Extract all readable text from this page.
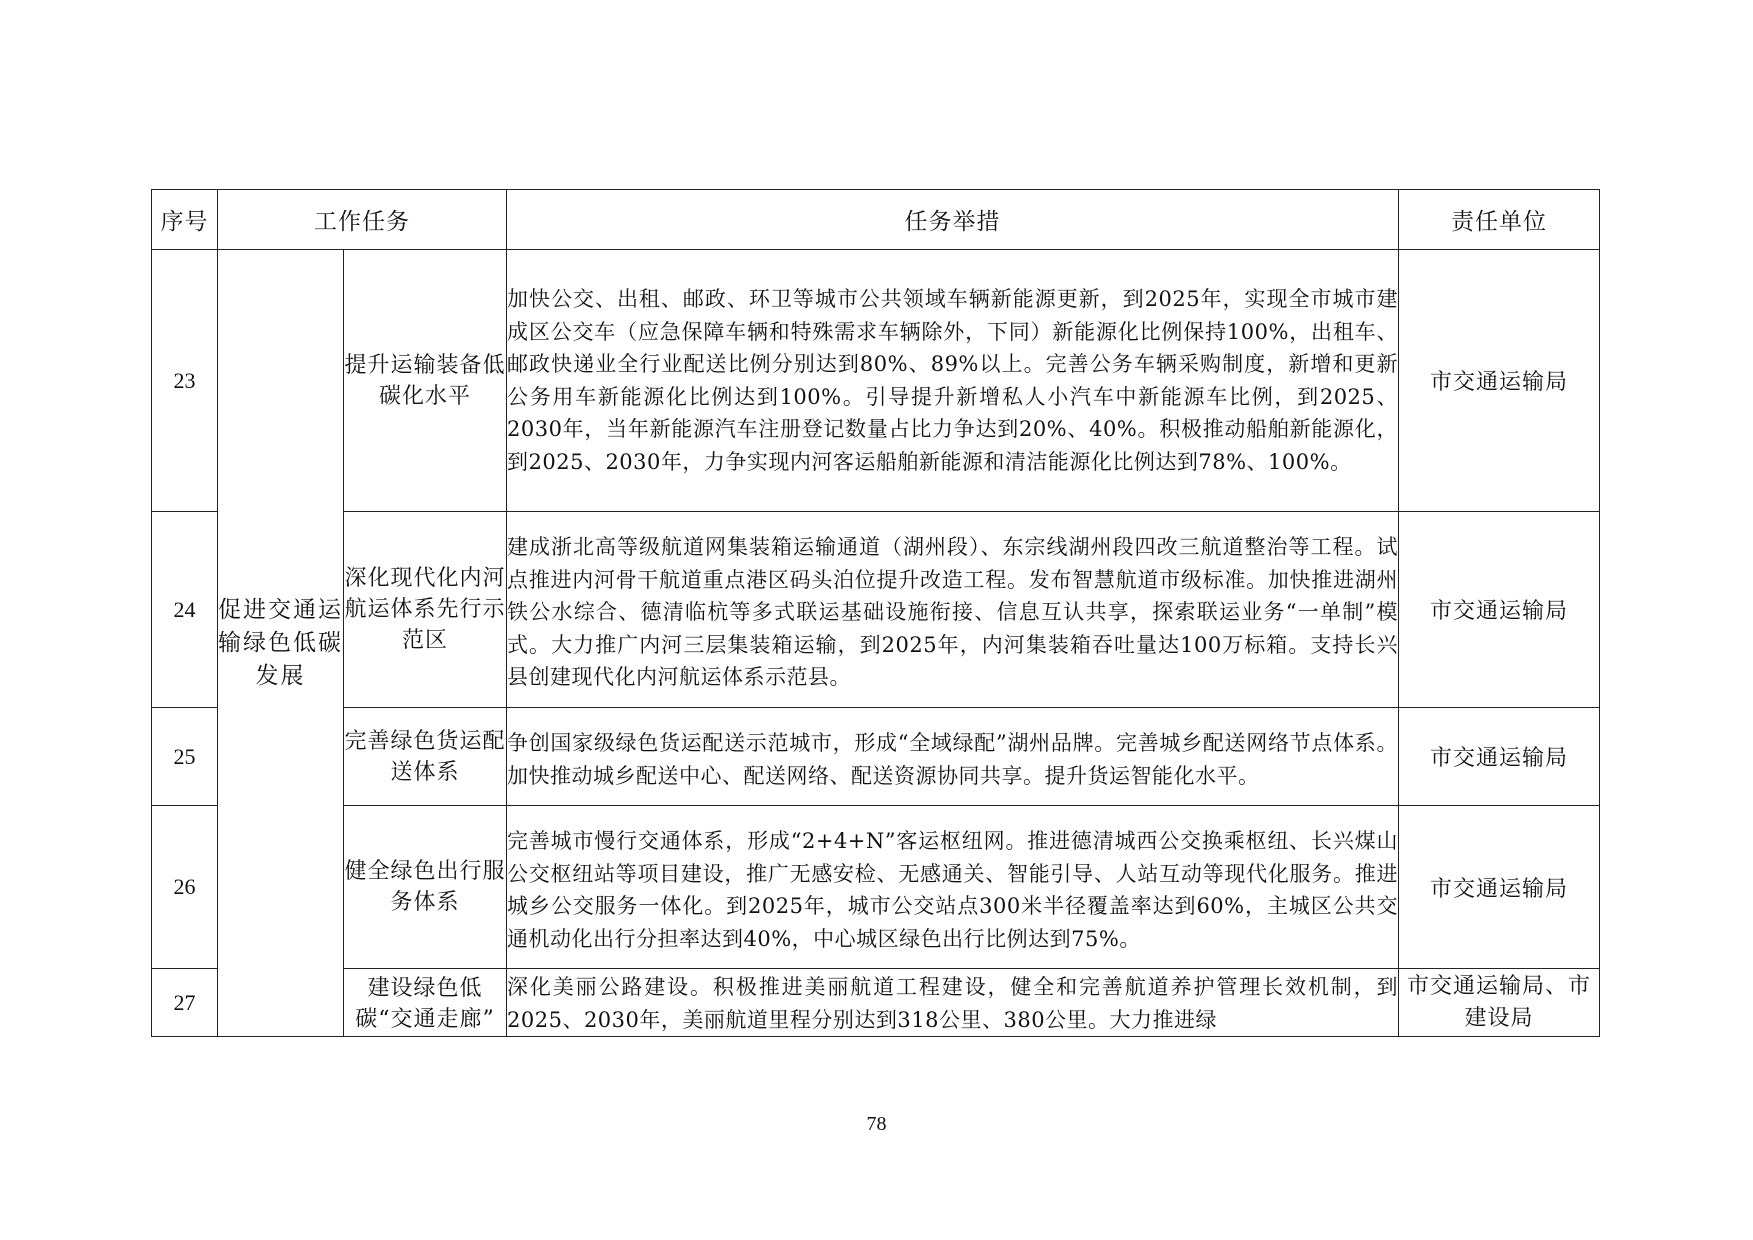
序号	工作任务		任务举措	责任单位
23	促进交通运输绿色低碳发展	提升运输装备低碳化水平	加快公交、出租、邮政、环卫等城市公共领域车辆新能源更新，到2025年，实现全市城市建成区公交车（应急保障车辆和特殊需求车辆除外，下同）新能源化比例保持100%，出租车、邮政快递业全行业配送比例分别达到80%、89%以上。完善公务车辆采购制度，新增和更新公务用车新能源化比例达到100%。引导提升新增私人小汽车中新能源车比例，到2025、2030年，当年新能源汽车注册登记数量占比力争达到20%、40%。积极推动船舶新能源化，到2025、2030年，力争实现内河客运船舶新能源和清洁能源化比例达到78%、100%。	市交通运输局
24		深化现代化内河航运体系先行示范区	建成浙北高等级航道网集装箱运输通道（湖州段）、东宗线湖州段四改三航道整治等工程。试点推进内河骨干航道重点港区码头泊位提升改造工程。发布智慧航道市级标准。加快推进湖州铁公水综合、德清临杭等多式联运基础设施衔接、信息互认共享，探索联运业务“一单制”模式。大力推广内河三层集装箱运输，到2025年，内河集装箱吞吐量达100万标箱。支持长兴县创建现代化内河航运体系示范县。	市交通运输局
25		完善绿色货运配送体系	争创国家级绿色货运配送示范城市，形成“全域绿配”湖州品牌。完善城乡配送网络节点体系。加快推动城乡配送中心、配送网络、配送资源协同共享。提升货运智能化水平。	市交通运输局
26		健全绿色出行服务体系	完善城市慢行交通体系，形成“2+4+N”客运枢纽网。推进德清城西公交换乘枢纽、长兴煤山公交枢纽站等项目建设，推广无感安检、无感通关、智能引导、人站互动等现代化服务。推进城乡公交服务一体化。到2025年，城市公交站点300米半径覆盖率达到60%，主城区公共交通机动化出行分担率达到40%，中心城区绿色出行比例达到75%。	市交通运输局
27		建设绿色低碳“交通走廊”	深化美丽公路建设。积极推进美丽航道工程建设，健全和完善航道养护管理长效机制，到2025、2030年，美丽航道里程分别达到318公里、380公里。大力推进绿	市交通运输局、市建设局
78
